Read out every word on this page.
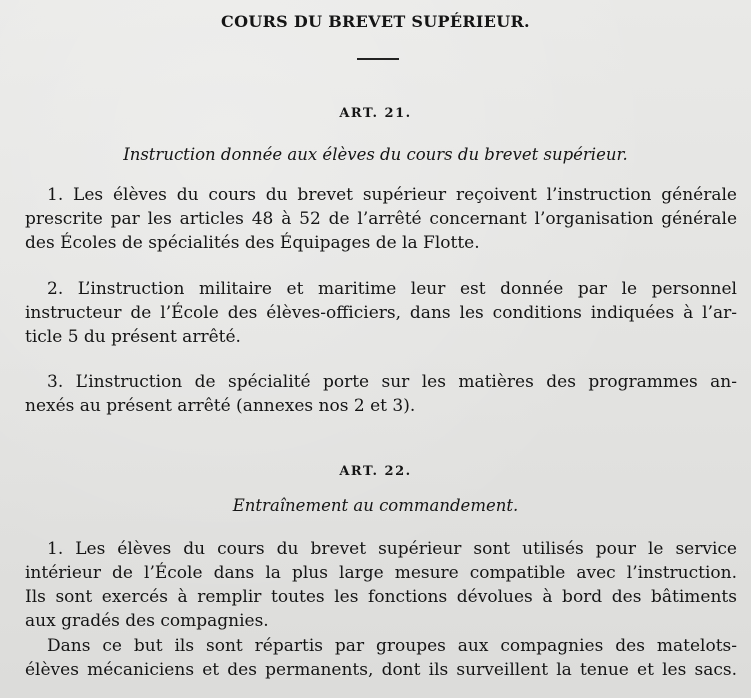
COURS DU BREVET SUPÉRIEUR.
ART. 21.
Instruction donnée aux élèves du cours du brevet supérieur.
1. Les élèves du cours du brevet supérieur reçoivent l’instruction générale
prescrite par les articles 48 à 52 de l’arrêté concernant l’organisation générale
des Écoles de spécialités des Équipages de la Flotte.
2. L’instruction militaire et maritime leur est donnée par le personnel
instructeur de l’École des élèves-officiers, dans les conditions indiquées à l’ar-
ticle 5 du présent arrêté.
3. L’instruction de spécialité porte sur les matières des programmes an-
nexés au présent arrêté (annexes nos 2 et 3).
ART. 22.
Entraînement au commandement.
1. Les élèves du cours du brevet supérieur sont utilisés pour le service
intérieur de l’École dans la plus large mesure compatible avec l’instruction.
Ils sont exercés à remplir toutes les fonctions dévolues à bord des bâtiments
aux gradés des compagnies.
Dans ce but ils sont répartis par groupes aux compagnies des matelots-
élèves mécaniciens et des permanents, dont ils surveillent la tenue et les sacs.
